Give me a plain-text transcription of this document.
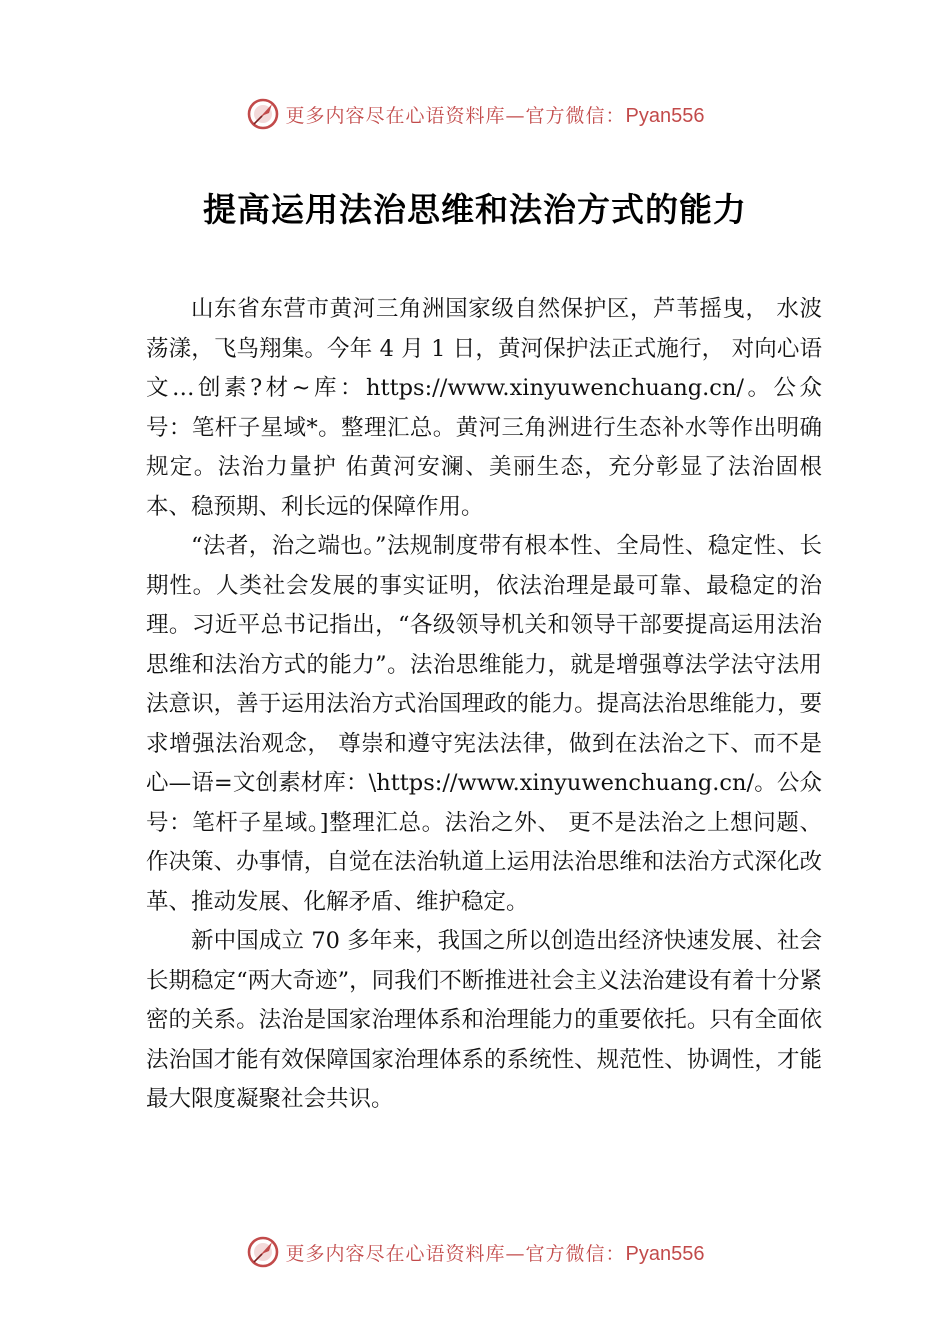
更多内容尽在心语资料库—官方微信：Pyan556
提高运用法治思维和法治方式的能力

山东省东营市黄河三角洲国家级自然保护区，芦苇摇曳， 水波荡漾，飞鸟翔集。今年 4 月 1 日，黄河保护法正式施行， 对向心语文…创素?材~库：https://www.xinyuwenchuang.cn/。公众号：笔杆子星域*。整理汇总。黄河三角洲进行生态补水等作出明确规定。法治力量护 佑黄河安澜、美丽生态，充分彰显了法治固根本、稳预期、利长远的保障作用。

“法者，治之端也。”法规制度带有根本性、全局性、稳定性、长期性。人类社会发展的事实证明，依法治理是最可靠、最稳定的治理。习近平总书记指出，“各级领导机关和领导干部要提高运用法治思维和法治方式的能力”。法治思维能力，就是增强尊法学法守法用法意识，善于运用法治方式治国理政的能力。提高法治思维能力，要求增强法治观念， 尊崇和遵守宪法法律，做到在法治之下、而不是心—语=文创素材库：\https://www.xinyuwenchuang.cn/。公众号：笔杆子星域。]整理汇总。法治之外、 更不是法治之上想问题、作决策、办事情，自觉在法治轨道上运用法治思维和法治方式深化改革、推动发展、化解矛盾、维护稳定。

新中国成立 70 多年来，我国之所以创造出经济快速发展、社会长期稳定“两大奇迹”，同我们不断推进社会主义法治建设有着十分紧密的关系。法治是国家治理体系和治理能力的重要依托。只有全面依法治国才能有效保障国家治理体系的系统性、规范性、协调性，才能最大限度凝聚社会共识。

更多内容尽在心语资料库—官方微信：Pyan556
